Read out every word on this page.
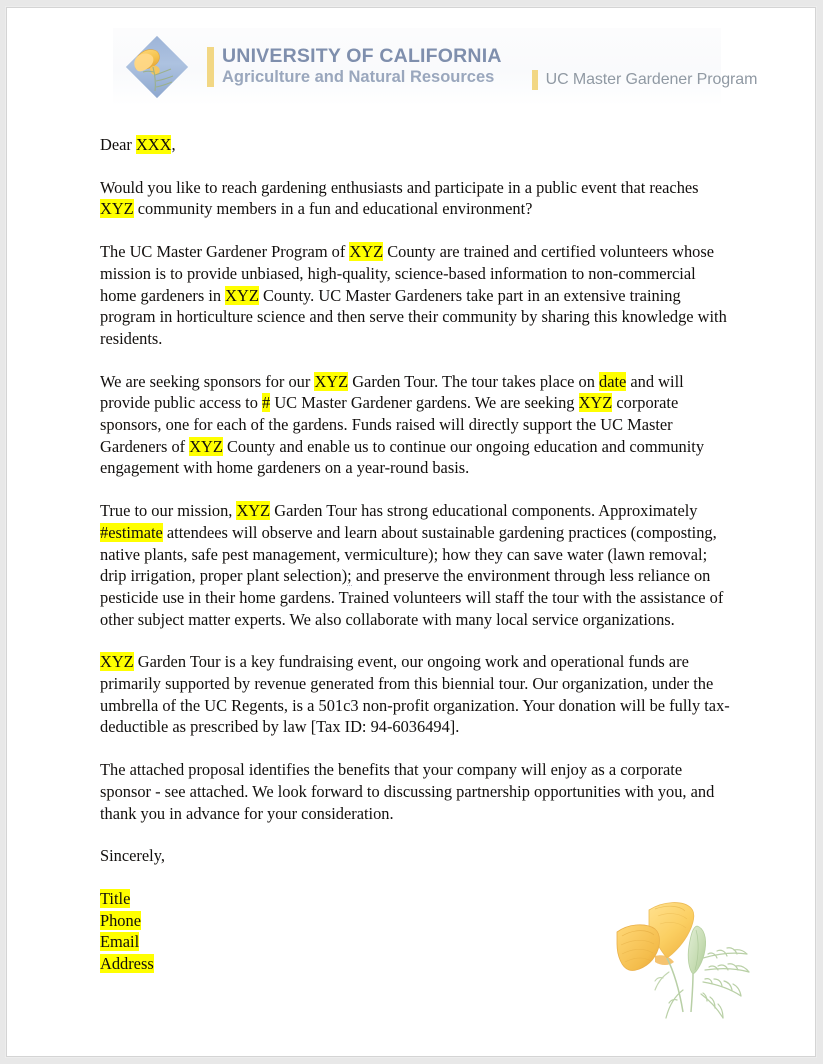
UNIVERSITY OF CALIFORNIA
Agriculture and Natural Resources	UC Master Gardener Program

Dear XXX,

Would you like to reach gardening enthusiasts and participate in a public event that reaches XYZ community members in a fun and educational environment?

The UC Master Gardener Program of XYZ County are trained and certified volunteers whose mission is to provide unbiased, high-quality, science-based information to non-commercial home gardeners in XYZ County. UC Master Gardeners take part in an extensive training program in horticulture science and then serve their community by sharing this knowledge with residents.

We are seeking sponsors for our XYZ Garden Tour. The tour takes place on date and will provide public access to # UC Master Gardener gardens. We are seeking XYZ corporate sponsors, one for each of the gardens. Funds raised will directly support the UC Master Gardeners of XYZ County and enable us to continue our ongoing education and community engagement with home gardeners on a year-round basis.

True to our mission, XYZ Garden Tour has strong educational components. Approximately #estimate attendees will observe and learn about sustainable gardening practices (composting, native plants, safe pest management, vermiculture); how they can save water (lawn removal; drip irrigation, proper plant selection); and preserve the environment through less reliance on pesticide use in their home gardens. Trained volunteers will staff the tour with the assistance of other subject matter experts. We also collaborate with many local service organizations.

XYZ Garden Tour is a key fundraising event, our ongoing work and operational funds are primarily supported by revenue generated from this biennial tour. Our organization, under the umbrella of the UC Regents, is a 501c3 non-profit organization. Your donation will be fully tax-deductible as prescribed by law [Tax ID: 94-6036494].

The attached proposal identifies the benefits that your company will enjoy as a corporate sponsor - see attached. We look forward to discussing partnership opportunities with you, and thank you in advance for your consideration.

Sincerely,

Title
Phone
Email
Address
